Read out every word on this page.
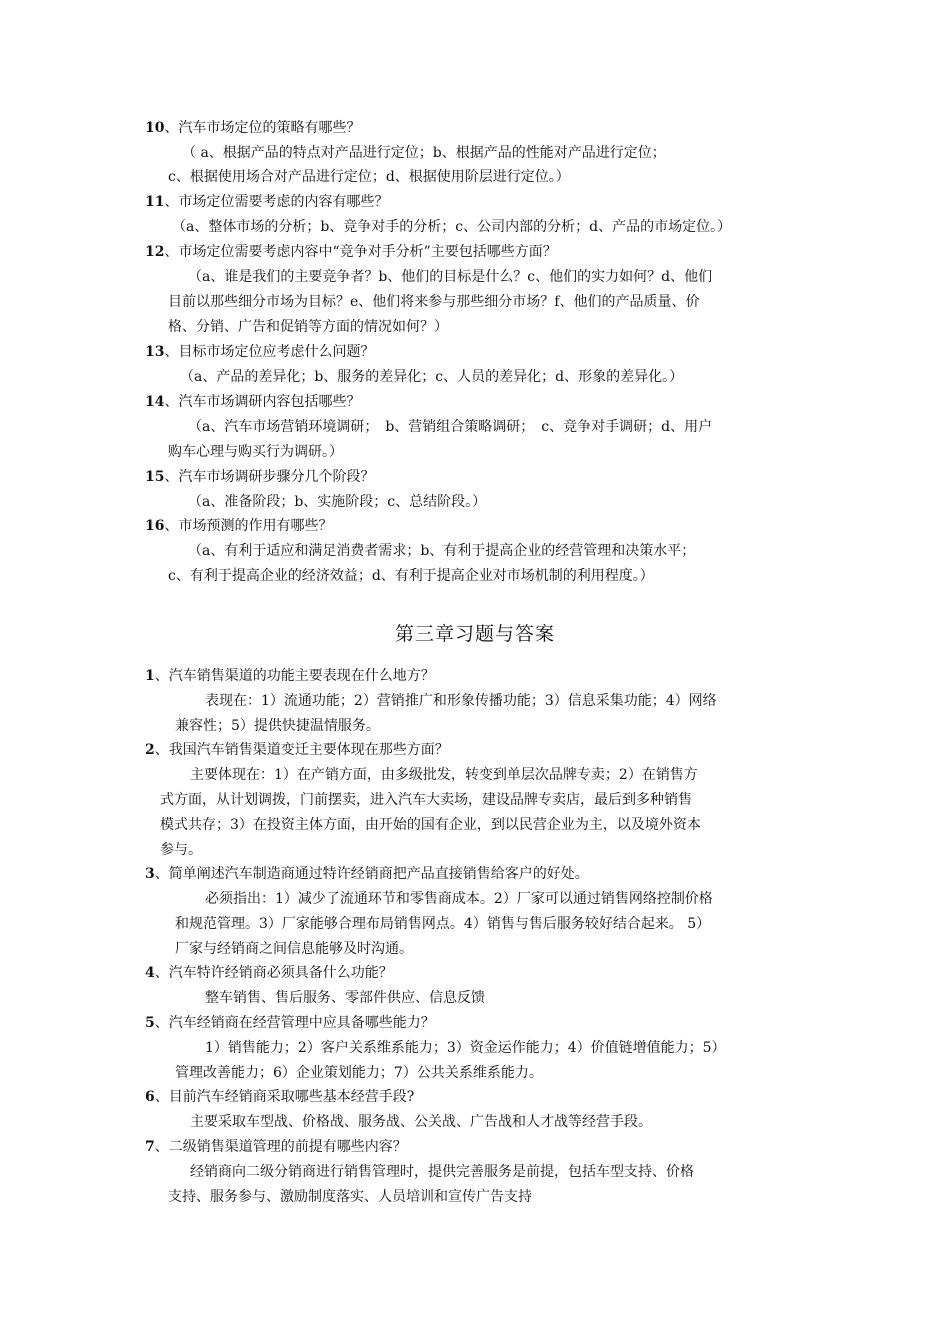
10、汽车市场定位的策略有哪些？
（ a、根据产品的特点对产品进行定位；b、根据产品的性能对产品进行定位；
c、根据使用场合对产品进行定位；d、根据使用阶层进行定位。）
11、市场定位需要考虑的内容有哪些？
（a、整体市场的分析；b、竞争对手的分析；c、公司内部的分析；d、产品的市场定位。）
12、市场定位需要考虑内容中“竞争对手分析”主要包括哪些方面？
（a、谁是我们的主要竞争者？b、他们的目标是什么？c、他们的实力如何？d、他们
目前以那些细分市场为目标？e、他们将来参与那些细分市场？f、他们的产品质量、价
格、分销、广告和促销等方面的情况如何？）
13、目标市场定位应考虑什么问题？
（a、产品的差异化；b、服务的差异化；c、人员的差异化；d、形象的差异化。）
14、汽车市场调研内容包括哪些？
（a、汽车市场营销环境调研；　b、营销组合策略调研；　c、竞争对手调研；d、用户
购车心理与购买行为调研。）
15、汽车市场调研步骤分几个阶段？
（a、准备阶段；b、实施阶段；c、总结阶段。）
16、市场预测的作用有哪些？
（a、有利于适应和满足消费者需求；b、有利于提高企业的经营管理和决策水平；
c、有利于提高企业的经济效益；d、有利于提高企业对市场机制的利用程度。）
第三章习题与答案
1、汽车销售渠道的功能主要表现在什么地方？
表现在：1）流通功能；2）营销推广和形象传播功能；3）信息采集功能；4）网络
兼容性；5）提供快捷温情服务。
2、我国汽车销售渠道变迁主要体现在那些方面？
主要体现在：1）在产销方面，由多级批发，转变到单层次品牌专卖；2）在销售方
式方面，从计划调拨，门前摆卖，进入汽车大卖场，建设品牌专卖店，最后到多种销售
模式共存；3）在投资主体方面，由开始的国有企业，到以民营企业为主，以及境外资本
参与。
3、简单阐述汽车制造商通过特许经销商把产品直接销售给客户的好处。
必须指出：1）减少了流通环节和零售商成本。2）厂家可以通过销售网络控制价格
和规范管理。3）厂家能够合理布局销售网点。4）销售与售后服务较好结合起来。 5）
厂家与经销商之间信息能够及时沟通。
4、汽车特许经销商必须具备什么功能？
整车销售、售后服务、零部件供应、信息反馈
5、汽车经销商在经营管理中应具备哪些能力？
1）销售能力；2）客户关系维系能力；3）资金运作能力；4）价值链增值能力；5）
管理改善能力；6）企业策划能力；7）公共关系维系能力。
6、目前汽车经销商采取哪些基本经营手段?
主要采取车型战、价格战、服务战、公关战、广告战和人才战等经营手段。
7、二级销售渠道管理的前提有哪些内容？
经销商向二级分销商进行销售管理时，提供完善服务是前提，包括车型支持、价格
支持、服务参与、激励制度落实、人员培训和宣传广告支持
